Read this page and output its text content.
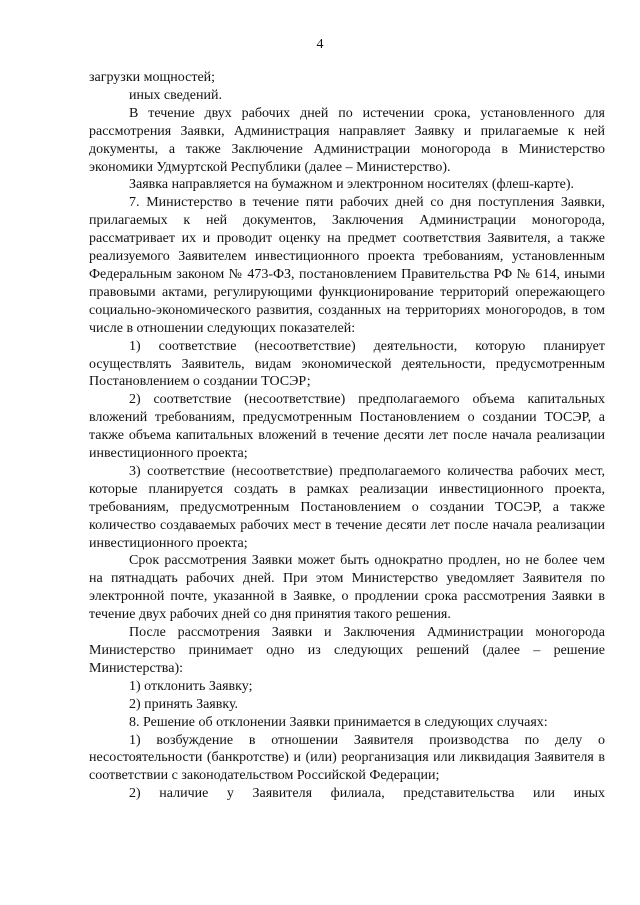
4

загрузки мощностей;

иных сведений.

В течение двух рабочих дней по истечении срока, установленного для рассмотрения Заявки, Администрация направляет Заявку и прилагаемые к ней документы, а также Заключение Администрации моногорода в Министерство экономики Удмуртской Республики (далее – Министерство).

Заявка направляется на бумажном и электронном носителях (флеш-карте).

7. Министерство в течение пяти рабочих дней со дня поступления Заявки, прилагаемых к ней документов, Заключения Администрации моногорода, рассматривает их и проводит оценку на предмет соответствия Заявителя, а также реализуемого Заявителем инвестиционного проекта требованиям, установленным Федеральным законом № 473-ФЗ, постановлением Правительства РФ № 614, иными правовыми актами, регулирующими функционирование территорий опережающего социально-экономического развития, созданных на территориях моногородов, в том числе в отношении следующих показателей:

1) соответствие (несоответствие) деятельности, которую планирует осуществлять Заявитель, видам экономической деятельности, предусмотренным Постановлением о создании ТОСЭР;

2) соответствие (несоответствие) предполагаемого объема капитальных вложений требованиям, предусмотренным Постановлением о создании ТОСЭР, а также объема капитальных вложений в течение десяти лет после начала реализации инвестиционного проекта;

3) соответствие (несоответствие) предполагаемого количества рабочих мест, которые планируется создать в рамках реализации инвестиционного проекта, требованиям, предусмотренным Постановлением о создании ТОСЭР, а также количество создаваемых рабочих мест в течение десяти лет после начала реализации инвестиционного проекта;

Срок рассмотрения Заявки может быть однократно продлен, но не более чем на пятнадцать рабочих дней. При этом Министерство уведомляет Заявителя по электронной почте, указанной в Заявке, о продлении срока рассмотрения Заявки в течение двух рабочих дней со дня принятия такого решения.

После рассмотрения Заявки и Заключения Администрации моногорода Министерство принимает одно из следующих решений (далее – решение Министерства):

1) отклонить Заявку;

2) принять Заявку.

8. Решение об отклонении Заявки принимается в следующих случаях:

1) возбуждение в отношении Заявителя производства по делу о несостоятельности (банкротстве) и (или) реорганизация или ликвидация Заявителя в соответствии с законодательством Российской Федерации;

2) наличие у Заявителя филиала, представительства или иных
